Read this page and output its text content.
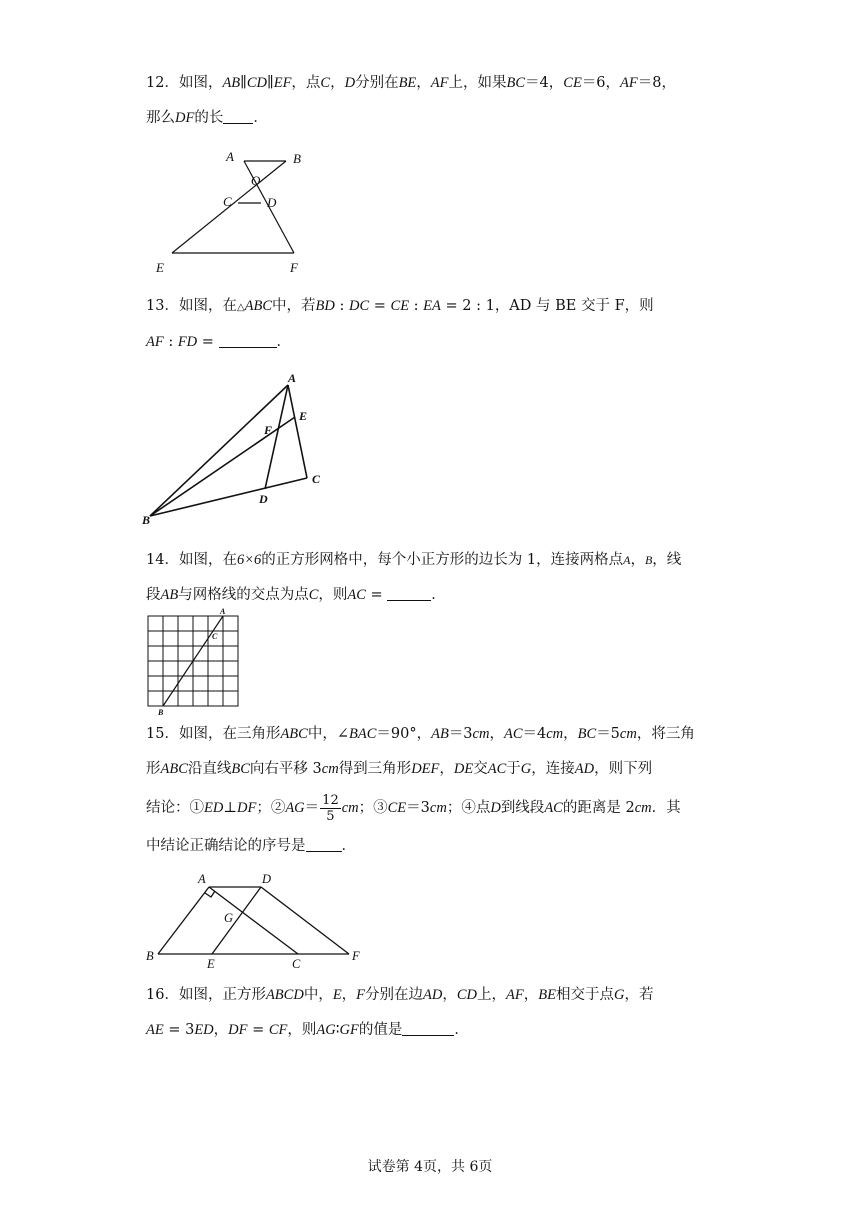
12．如图，AB∥CD∥EF，点C，D分别在BE，AF上，如果BC＝4，CE＝6，AF＝8，

那么DF的长 ．

A	B
O
C	D
E	F

13．如图，在△ABC中，若BD : DC = CE : EA = 2 : 1，AD 与 BE 交于 F，则

AF : FD =	．

A
E
F
C
D
B

14．如图，在6×6的正方形网格中，每个小正方形的边长为 1，连接两格点A，B，线

段AB与网格线的交点为点C，则AC =	．

A
C
B

15．如图，在三角形ABC中，∠BAC＝90°，AB＝3cm，AC＝4cm，BC＝5cm，将三角

形ABC沿直线BC向右平移 3cm得到三角形DEF，DE交AC于G，连接AD，则下列

结论：①ED⊥DF；②AG＝ $\frac{12}{5}$ cm；③CE＝3cm；④点D到线段AC的距离是 2cm．其

中结论正确结论的序号是 ．

A	D
G
B
E	C
F

16．如图，正方形ABCD中，E，F分别在边AD，CD上，AF，BE相交于点G，若

AE = 3ED，DF = CF，则AG∶GF的值是	．

试卷第 4页，共 6页
